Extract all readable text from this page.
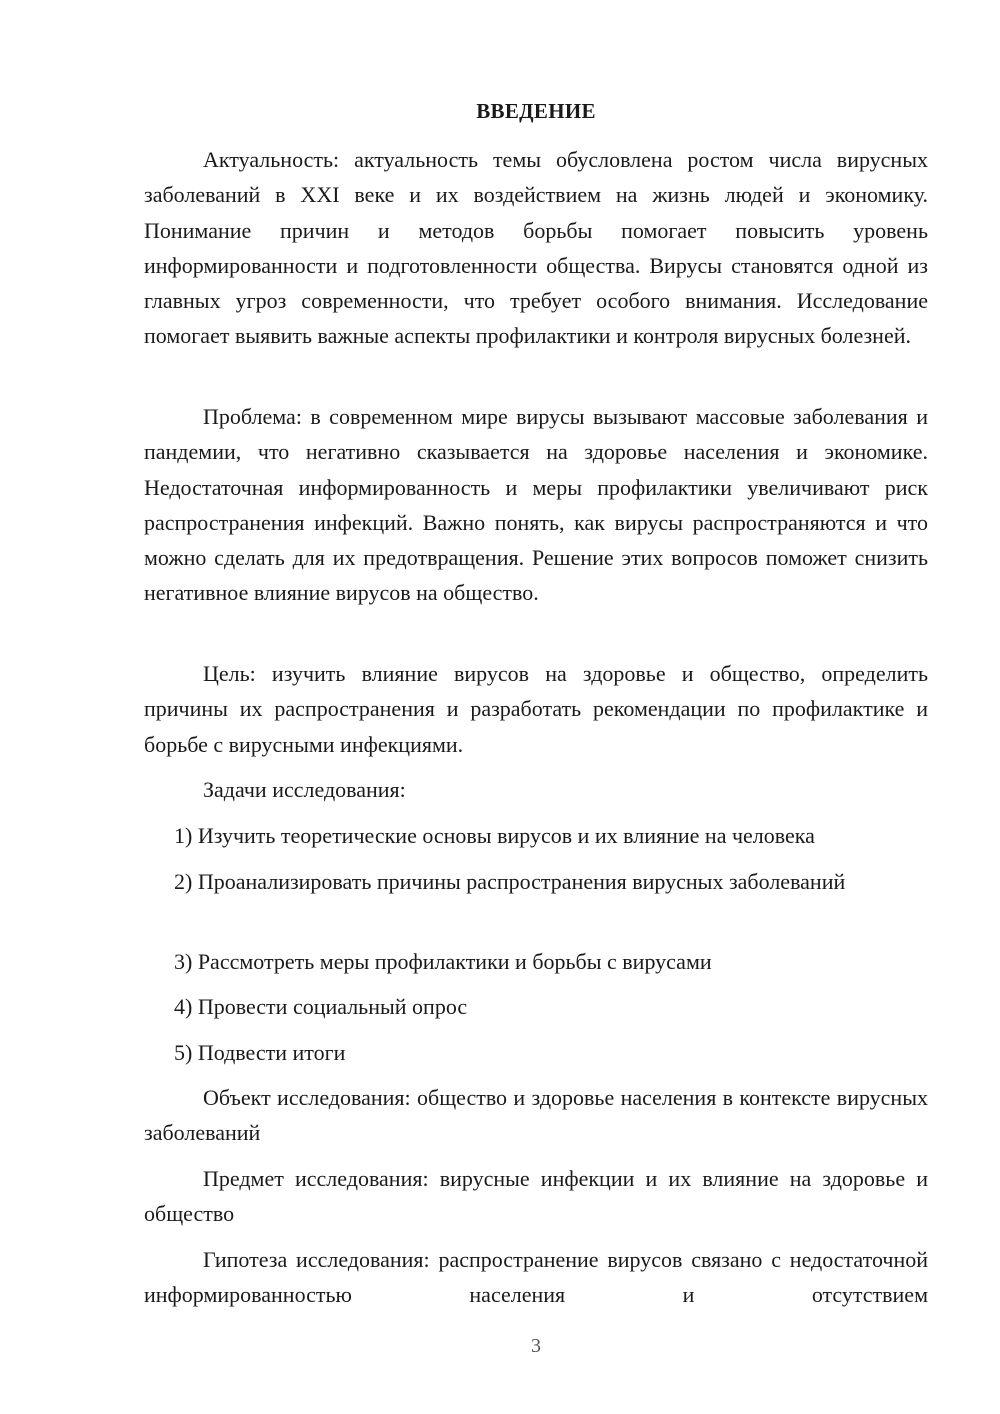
ВВЕДЕНИЕ

Актуальность: актуальность темы обусловлена ростом числа вирусных заболеваний в XXI веке и их воздействием на жизнь людей и экономику. Понимание причин и методов борьбы помогает повысить уровень информированности и подготовленности общества. Вирусы становятся одной из главных угроз современности, что требует особого внимания. Исследование помогает выявить важные аспекты профилактики и контроля вирусных болезней.

Проблема: в современном мире вирусы вызывают массовые заболевания и пандемии, что негативно сказывается на здоровье населения и экономике. Недостаточная информированность и меры профилактики увеличивают риск распространения инфекций. Важно понять, как вирусы распространяются и что можно сделать для их предотвращения. Решение этих вопросов поможет снизить негативное влияние вирусов на общество.

Цель: изучить влияние вирусов на здоровье и общество, определить причины их распространения и разработать рекомендации по профилактике и борьбе с вирусными инфекциями.

Задачи исследования:

1) Изучить теоретические основы вирусов и их влияние на человека

2) Проанализировать причины распространения вирусных заболеваний

3) Рассмотреть меры профилактики и борьбы с вирусами

4) Провести социальный опрос

5) Подвести итоги

Объект исследования: общество и здоровье населения в контексте вирусных заболеваний

Предмет исследования: вирусные инфекции и их влияние на здоровье и общество

Гипотеза исследования: распространение вирусов связано с недостаточной информированностью населения и отсутствием

3
